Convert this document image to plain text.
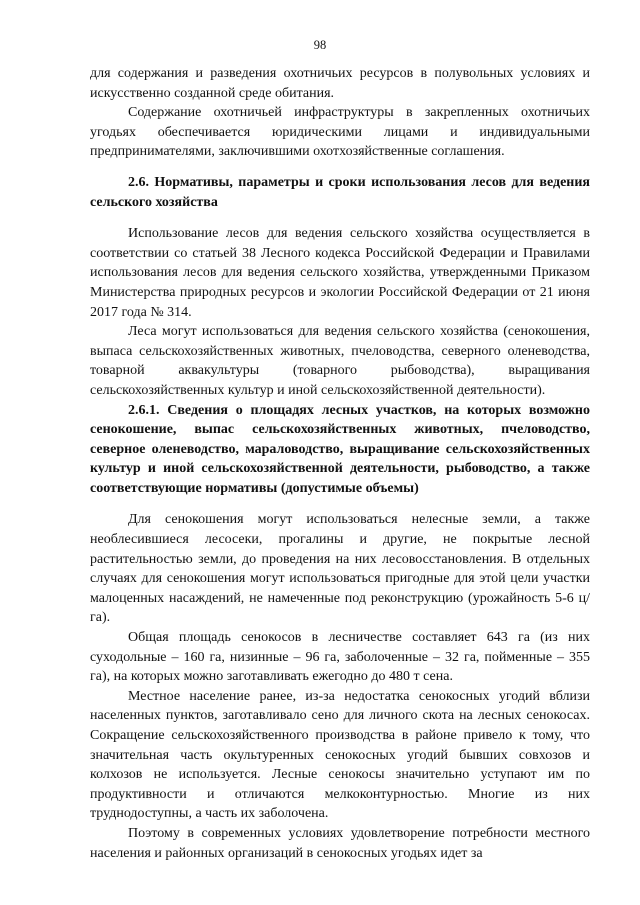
98

для содержания и разведения охотничьих ресурсов в полувольных условиях и искусственно созданной среде обитания.

Содержание охотничьей инфраструктуры в закрепленных охотничьих угодьях обеспечивается юридическими лицами и индивидуальными предпринимателями, заключившими охотхозяйственные соглашения.

2.6. Нормативы, параметры и сроки использования лесов для ведения сельского хозяйства

Использование лесов для ведения сельского хозяйства осуществляется в соответствии со статьей 38 Лесного кодекса Российской Федерации и Правилами использования лесов для ведения сельского хозяйства, утвержденными Приказом Министерства природных ресурсов и экологии Российской Федерации от 21 июня 2017 года № 314.

Леса могут использоваться для ведения сельского хозяйства (сенокошения, выпаса сельскохозяйственных животных, пчеловодства, северного оленеводства, товарной аквакультуры (товарного рыбоводства), выращивания сельскохозяйственных культур и иной сельскохозяйственной деятельности).

2.6.1. Сведения о площадях лесных участков, на которых возможно сенокошение, выпас сельскохозяйственных животных, пчеловодство, северное оленеводство, мараловодство, выращивание сельскохозяйственных культур и иной сельскохозяйственной деятельности, рыбоводство, а также соответствующие нормативы (допустимые объемы)

Для сенокошения могут использоваться нелесные земли, а также необлесившиеся лесосеки, прогалины и другие, не покрытые лесной растительностью земли, до проведения на них лесовосстановления. В отдельных случаях для сенокошения могут использоваться пригодные для этой цели участки малоценных насаждений, не намеченные под реконструкцию (урожайность 5-6 ц/га).

Общая площадь сенокосов в лесничестве составляет 643 га (из них суходольные – 160 га, низинные – 96 га, заболоченные – 32 га, пойменные – 355 га), на которых можно заготавливать ежегодно до 480 т сена.

Местное население ранее, из-за недостатка сенокосных угодий вблизи населенных пунктов, заготавливало сено для личного скота на лесных сенокосах. Сокращение сельскохозяйственного производства в районе привело к тому, что значительная часть окультуренных сенокосных угодий бывших совхозов и колхозов не используется. Лесные сенокосы значительно уступают им по продуктивности и отличаются мелкоконтурностью. Многие из них труднодоступны, а часть их заболочена.

Поэтому в современных условиях удовлетворение потребности местного населения и районных организаций в сенокосных угодьях идет за
